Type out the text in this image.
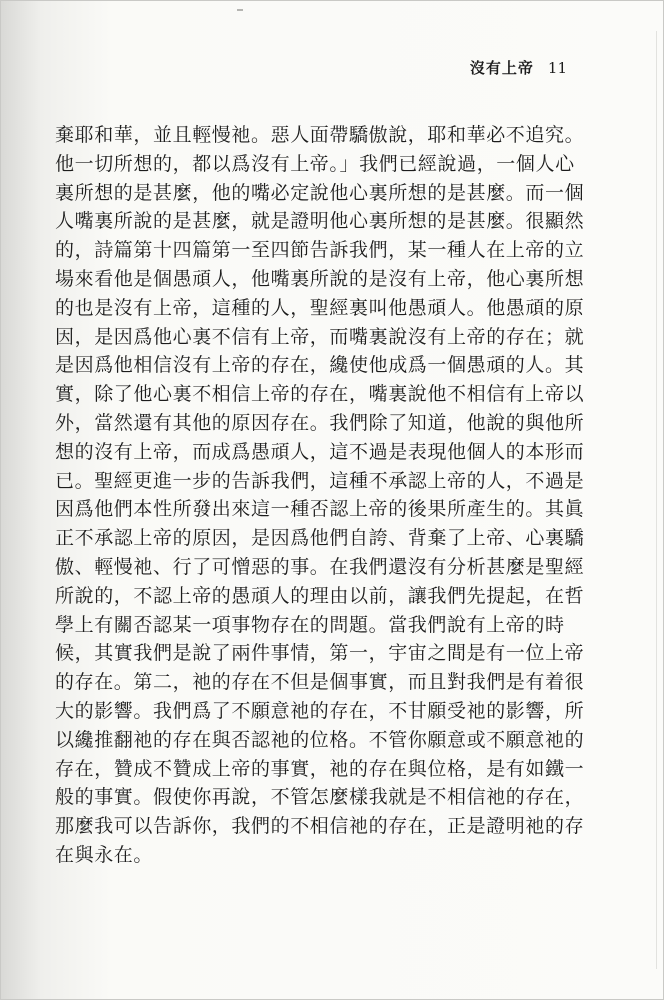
沒有上帝 11
棄耶和華，並且輕慢祂。惡人面帶驕傲說，耶和華必不追究。
他一切所想的，都以爲沒有上帝。」我們已經說過，一個人心
裏所想的是甚麼，他的嘴必定說他心裏所想的是甚麼。而一個
人嘴裏所說的是甚麼，就是證明他心裏所想的是甚麼。很顯然
的，詩篇第十四篇第一至四節告訴我們，某一種人在上帝的立
場來看他是個愚頑人，他嘴裏所說的是沒有上帝，他心裏所想
的也是沒有上帝，這種的人，聖經裏叫他愚頑人。他愚頑的原
因，是因爲他心裏不信有上帝，而嘴裏說沒有上帝的存在；就
是因爲他相信沒有上帝的存在，纔使他成爲一個愚頑的人。其
實，除了他心裏不相信上帝的存在，嘴裏說他不相信有上帝以
外，當然還有其他的原因存在。我們除了知道，他說的與他所
想的沒有上帝，而成爲愚頑人，這不過是表現他個人的本形而
已。聖經更進一步的告訴我們，這種不承認上帝的人，不過是
因爲他們本性所發出來這一種否認上帝的後果所產生的。其眞
正不承認上帝的原因，是因爲他們自誇、背棄了上帝、心裏驕
傲、輕慢祂、行了可憎惡的事。在我們還沒有分析甚麼是聖經
所說的，不認上帝的愚頑人的理由以前，讓我們先提起，在哲
學上有關否認某一項事物存在的問題。當我們說有上帝的時
候，其實我們是說了兩件事情，第一，宇宙之間是有一位上帝
的存在。第二，祂的存在不但是個事實，而且對我們是有着很
大的影響。我們爲了不願意祂的存在，不甘願受祂的影響，所
以纔推翻祂的存在與否認祂的位格。不管你願意或不願意祂的
存在，贊成不贊成上帝的事實，祂的存在與位格，是有如鐵一
般的事實。假使你再說，不管怎麼樣我就是不相信祂的存在，
那麼我可以告訴你，我們的不相信祂的存在，正是證明祂的存
在與永在。
